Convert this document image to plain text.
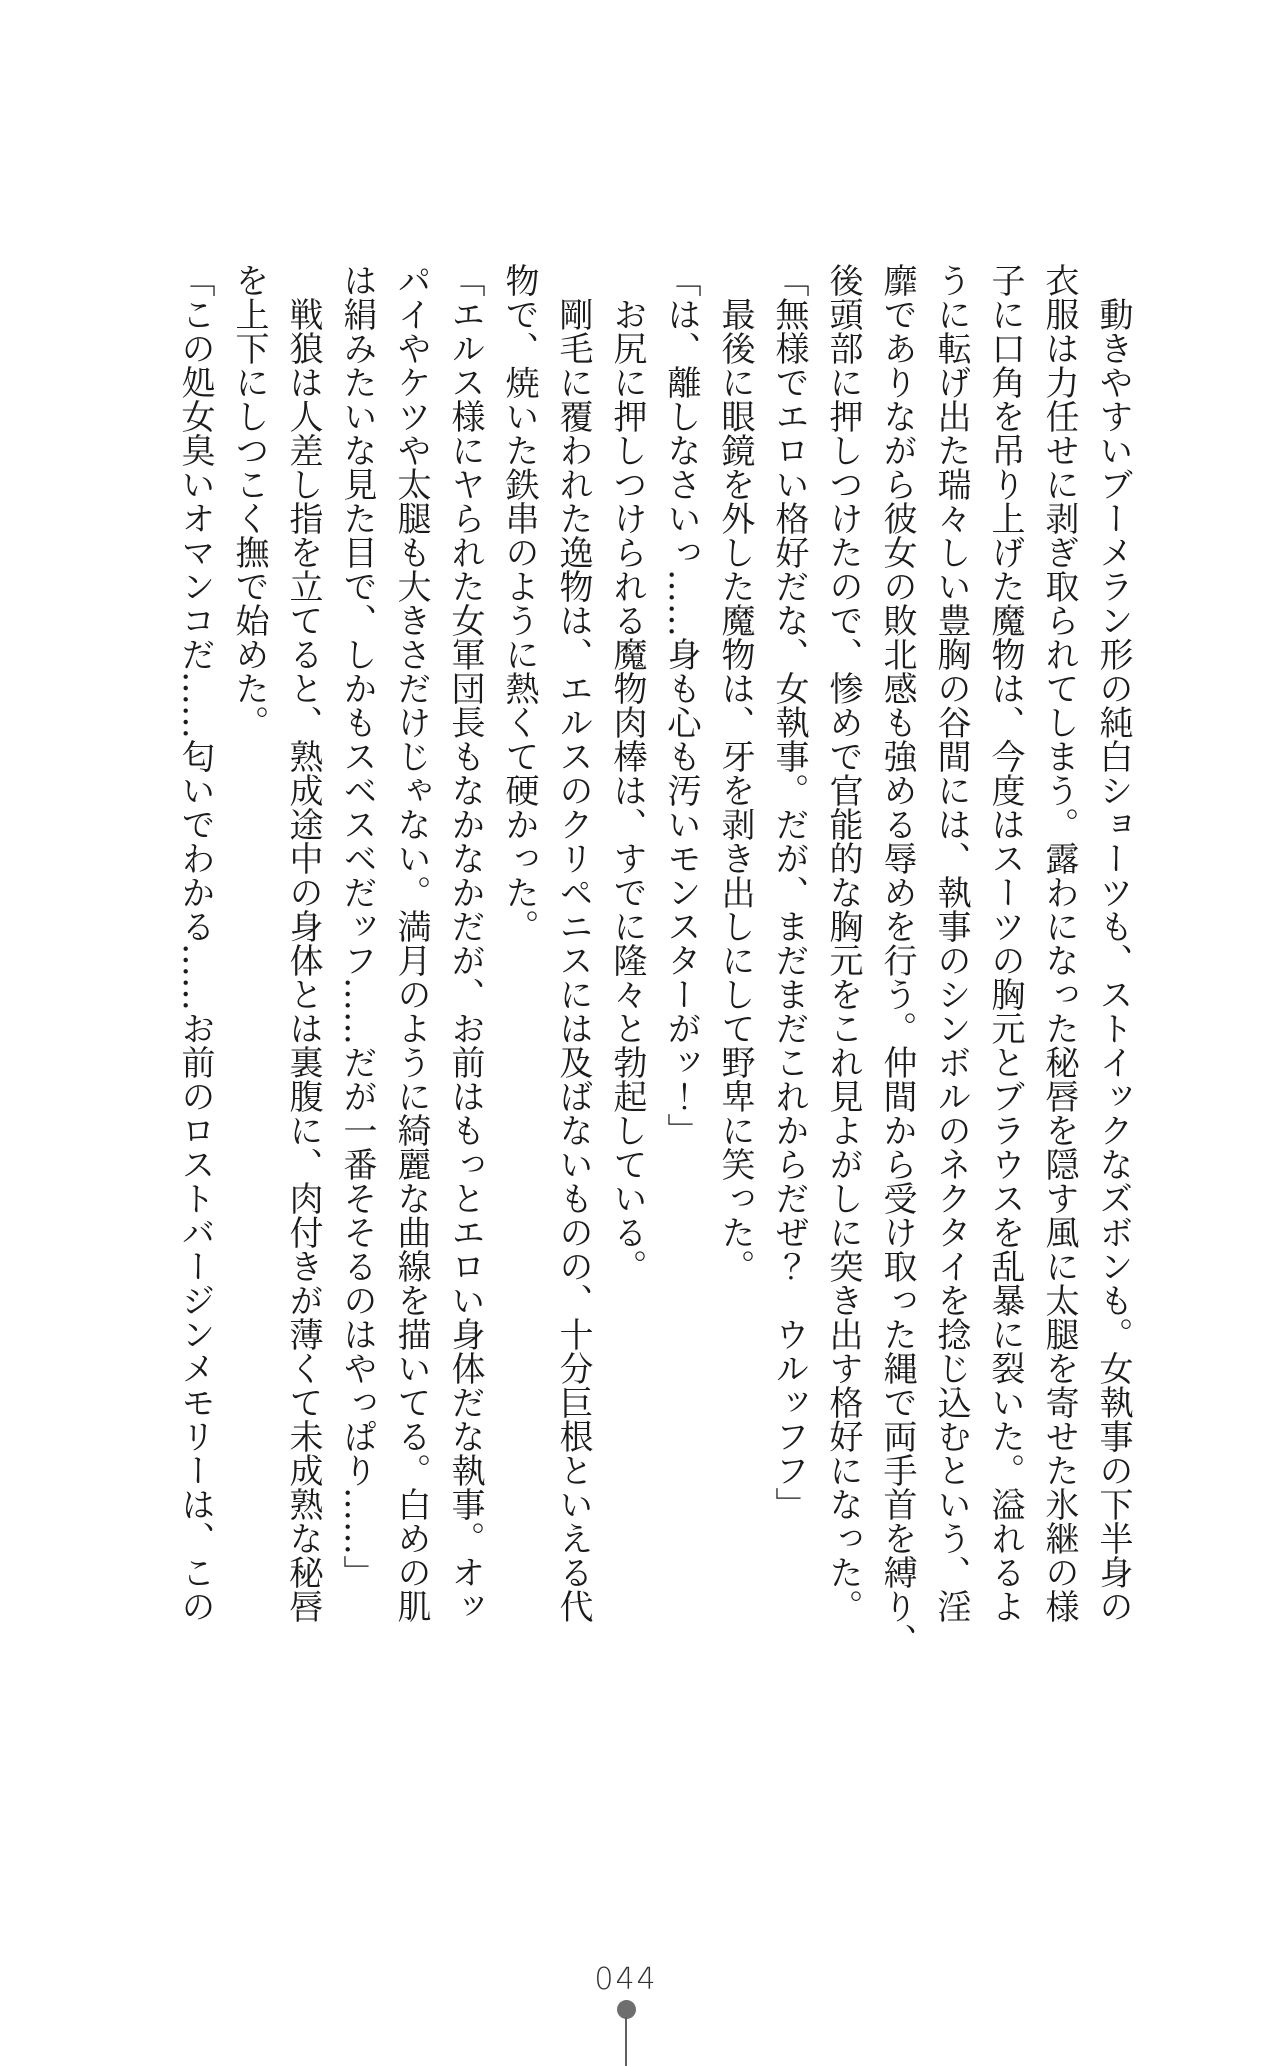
　動きやすいブーメラン形の純白ショーツも、ストイックなズボンも。女執事の下半身の

衣服は力任せに剥ぎ取られてしまう。露わになった秘唇を隠す風に太腿を寄せた氷継の様

子に口角を吊り上げた魔物は、今度はスーツの胸元とブラウスを乱暴に裂いた。溢れるよ

うに転げ出た瑞々しい豊胸の谷間には、執事のシンボルのネクタイを捻じ込むという、淫

靡でありながら彼女の敗北感も強める辱めを行う。仲間から受け取った縄で両手首を縛り、

後頭部に押しつけたので、惨めで官能的な胸元をこれ見よがしに突き出す格好になった。

「無様でエロい格好だな、女執事。だが、まだまだこれからだぜ？　ウルッフフ」

　最後に眼鏡を外した魔物は、牙を剥き出しにして野卑に笑った。

「は、離しなさいっ……身も心も汚いモンスターがッ！」

　お尻に押しつけられる魔物肉棒は、すでに隆々と勃起している。

　剛毛に覆われた逸物は、エルスのクリペニスには及ばないものの、十分巨根といえる代

物で、焼いた鉄串のように熱くて硬かった。

「エルス様にヤられた女軍団長もなかなかだが、お前はもっとエロい身体だな執事。オッ

パイやケツや太腿も大きさだけじゃない。満月のように綺麗な曲線を描いてる。白めの肌

は絹みたいな見た目で、しかもスベスベだッフ……だが一番そそるのはやっぱり……」

　戦狼は人差し指を立てると、熟成途中の身体とは裏腹に、肉付きが薄くて未成熟な秘唇

を上下にしつこく撫で始めた。

「この処女臭いオマンコだ……匂いでわかる……お前のロストバージンメモリーは、この

044
